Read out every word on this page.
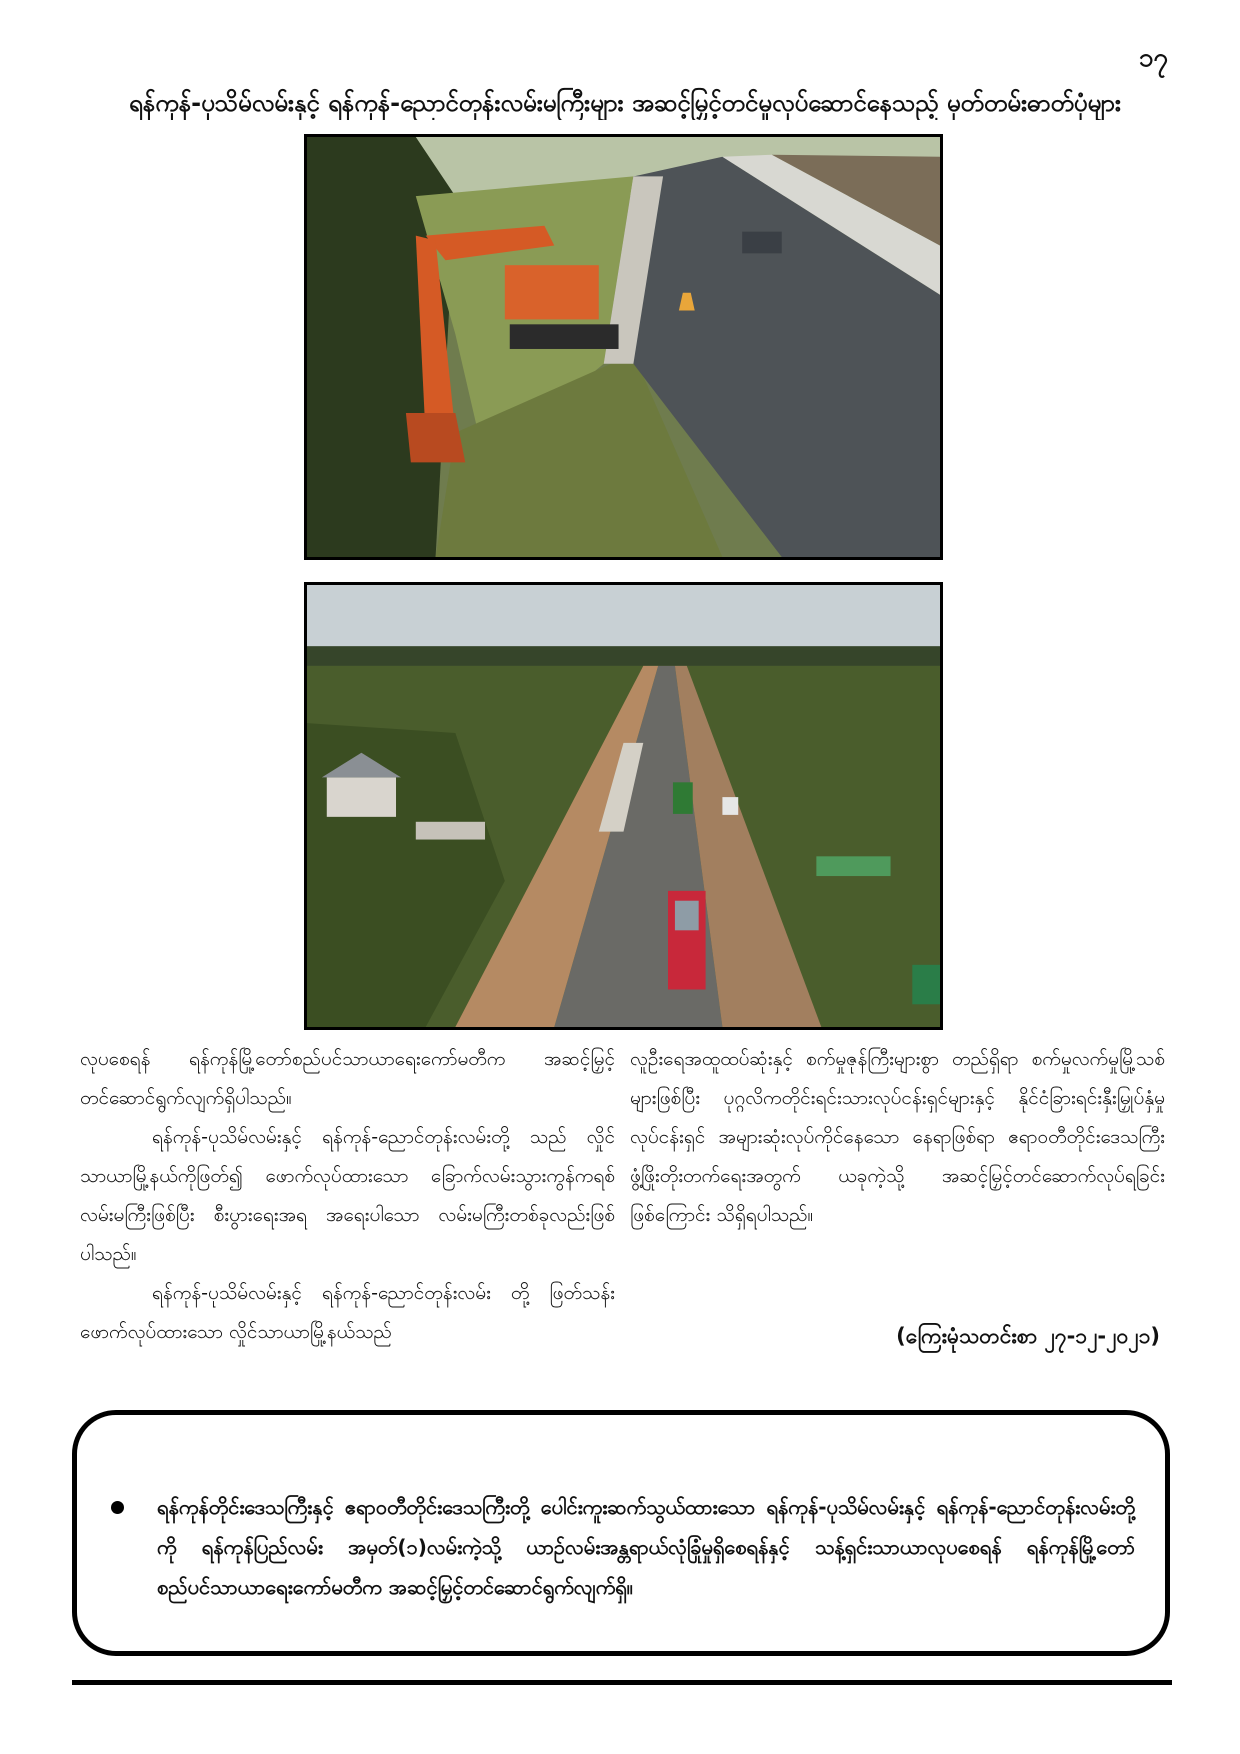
၁၇
ရန်ကုန်-ပုသိမ်လမ်းနှင့် ရန်ကုန်-ညောင်တုန်းလမ်းမကြီးများ အဆင့်မြှင့်တင်မှုလုပ်ဆောင်နေသည့် မှတ်တမ်းဓာတ်ပုံများ

လုပစေရန် ရန်ကုန်မြို့တော်စည်ပင်သာယာရေးကော်မတီက အဆင့်မြှင့်တင်ဆောင်ရွက်လျက်ရှိပါသည်။

ရန်ကုန်-ပုသိမ်လမ်းနှင့် ရန်ကုန်-ညောင်တုန်းလမ်းတို့ သည် လှိုင်သာယာမြို့နယ်ကိုဖြတ်၍ ဖောက်လုပ်ထားသော ခြောက်လမ်းသွားကွန်ကရစ်လမ်းမကြီးဖြစ်ပြီး စီးပွားရေးအရ အရေးပါသော လမ်းမကြီးတစ်ခုလည်းဖြစ်ပါသည်။

ရန်ကုန်-ပုသိမ်လမ်းနှင့် ရန်ကုန်-ညောင်တုန်းလမ်း တို့ ဖြတ်သန်းဖောက်လုပ်ထားသော လှိုင်သာယာမြို့နယ်သည်

လူဦးရေအထူထပ်ဆုံးနှင့် စက်မှုဇုန်ကြီးများစွာ တည်ရှိရာ စက်မှုလက်မှုမြို့သစ်များဖြစ်ပြီး ပုဂ္ဂလိကတိုင်းရင်းသားလုပ်ငန်းရှင်များနှင့် နိုင်ငံခြားရင်းနှီးမြှုပ်နှံမှုလုပ်ငန်းရှင် အများဆုံးလုပ်ကိုင်နေသော နေရာဖြစ်ရာ ဧရာဝတီတိုင်းဒေသကြီး ဖွံ့ဖြိုးတိုးတက်ရေးအတွက် ယခုကဲ့သို့ အဆင့်မြှင့်တင်ဆောက်လုပ်ရခြင်းဖြစ်ကြောင်း သိရှိရပါသည်။

(ကြေးမုံသတင်းစာ ၂၇-၁၂-၂၀၂၁)
ရန်ကုန်တိုင်းဒေသကြီးနှင့် ဧရာဝတီတိုင်းဒေသကြီးတို့ ပေါင်းကူးဆက်သွယ်ထားသော ရန်ကုန်-ပုသိမ်လမ်းနှင့် ရန်ကုန်-ညောင်တုန်းလမ်းတို့ကို ရန်ကုန်ပြည်လမ်း အမှတ်(၁)လမ်းကဲ့သို့ ယာဉ်လမ်းအန္တရာယ်လုံခြုံမှုရှိစေရန်နှင့် သန့်ရှင်းသာယာလုပစေရန် ရန်ကုန်မြို့တော်စည်ပင်သာယာရေးကော်မတီက အဆင့်မြှင့်တင်ဆောင်ရွက်လျက်ရှိ။
